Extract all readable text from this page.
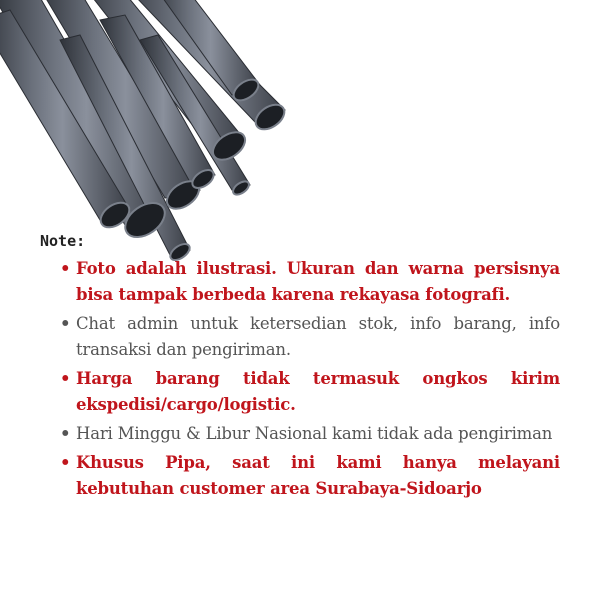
Note:

• Foto adalah ilustrasi. Ukuran dan warna persisnya bisa tampak berbeda karena rekayasa fotografi.
• Chat admin untuk ketersedian stok, info barang, info transaksi dan pengiriman.
• Harga barang tidak termasuk ongkos kirim ekspedisi/cargo/logistic.
• Hari Minggu & Libur Nasional kami tidak ada pengiriman
• Khusus Pipa, saat ini kami hanya melayani kebutuhan customer area Surabaya-Sidoarjo
